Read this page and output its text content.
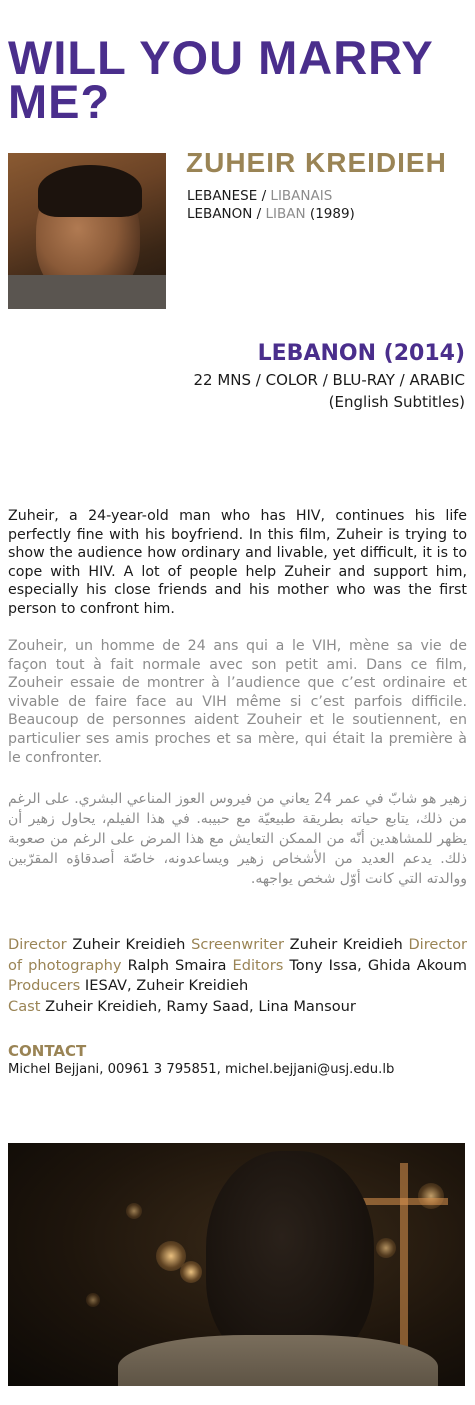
WILL YOU MARRY ME?
ZUHEIR KREIDIEH
LEBANESE / LIBANAIS
LEBANON / LIBAN (1989)
LEBANON (2014)
22 MNS / COLOR / BLU-RAY / ARABIC
(English Subtitles)

Zuheir, a 24-year-old man who has HIV, continues his life perfectly fine with his boyfriend. In this film, Zuheir is trying to show the audience how ordinary and livable, yet difficult, it is to cope with HIV. A lot of people help Zuheir and support him, especially his close friends and his mother who was the first person to confront him.

Zouheir, un homme de 24 ans qui a le VIH, mène sa vie de façon tout à fait normale avec son petit ami. Dans ce film, Zouheir essaie de montrer à l’audience que c’est ordinaire et vivable de faire face au VIH même si c’est parfois difficile. Beaucoup de personnes aident Zouheir et le soutiennent, en particulier ses amis proches et sa mère, qui était la première à le confronter.

زهير هو شابّ في عمر 24 يعاني من فيروس العوز المناعي البشري. على الرغم من ذلك، يتابع حياته بطريقة طبيعيّة مع حبيبه. في هذا الفيلم، يحاول زهير أن يظهر للمشاهدين أنّه من الممكن التعايش مع هذا المرض على الرغم من صعوبة ذلك. يدعم العديد من الأشخاص زهير ويساعدونه، خاصّة أصدقاؤه المقرّبين ووالدته التي كانت أوّل شخص يواجهه.

Director Zuheir Kreidieh Screenwriter Zuheir Kreidieh Director of photography Ralph Smaira Editors Tony Issa, Ghida Akoum Producers IESAV, Zuheir Kreidieh
Cast Zuheir Kreidieh, Ramy Saad, Lina Mansour

CONTACT

Michel Bejjani, 00961 3 795851, michel.bejjani@usj.edu.lb
